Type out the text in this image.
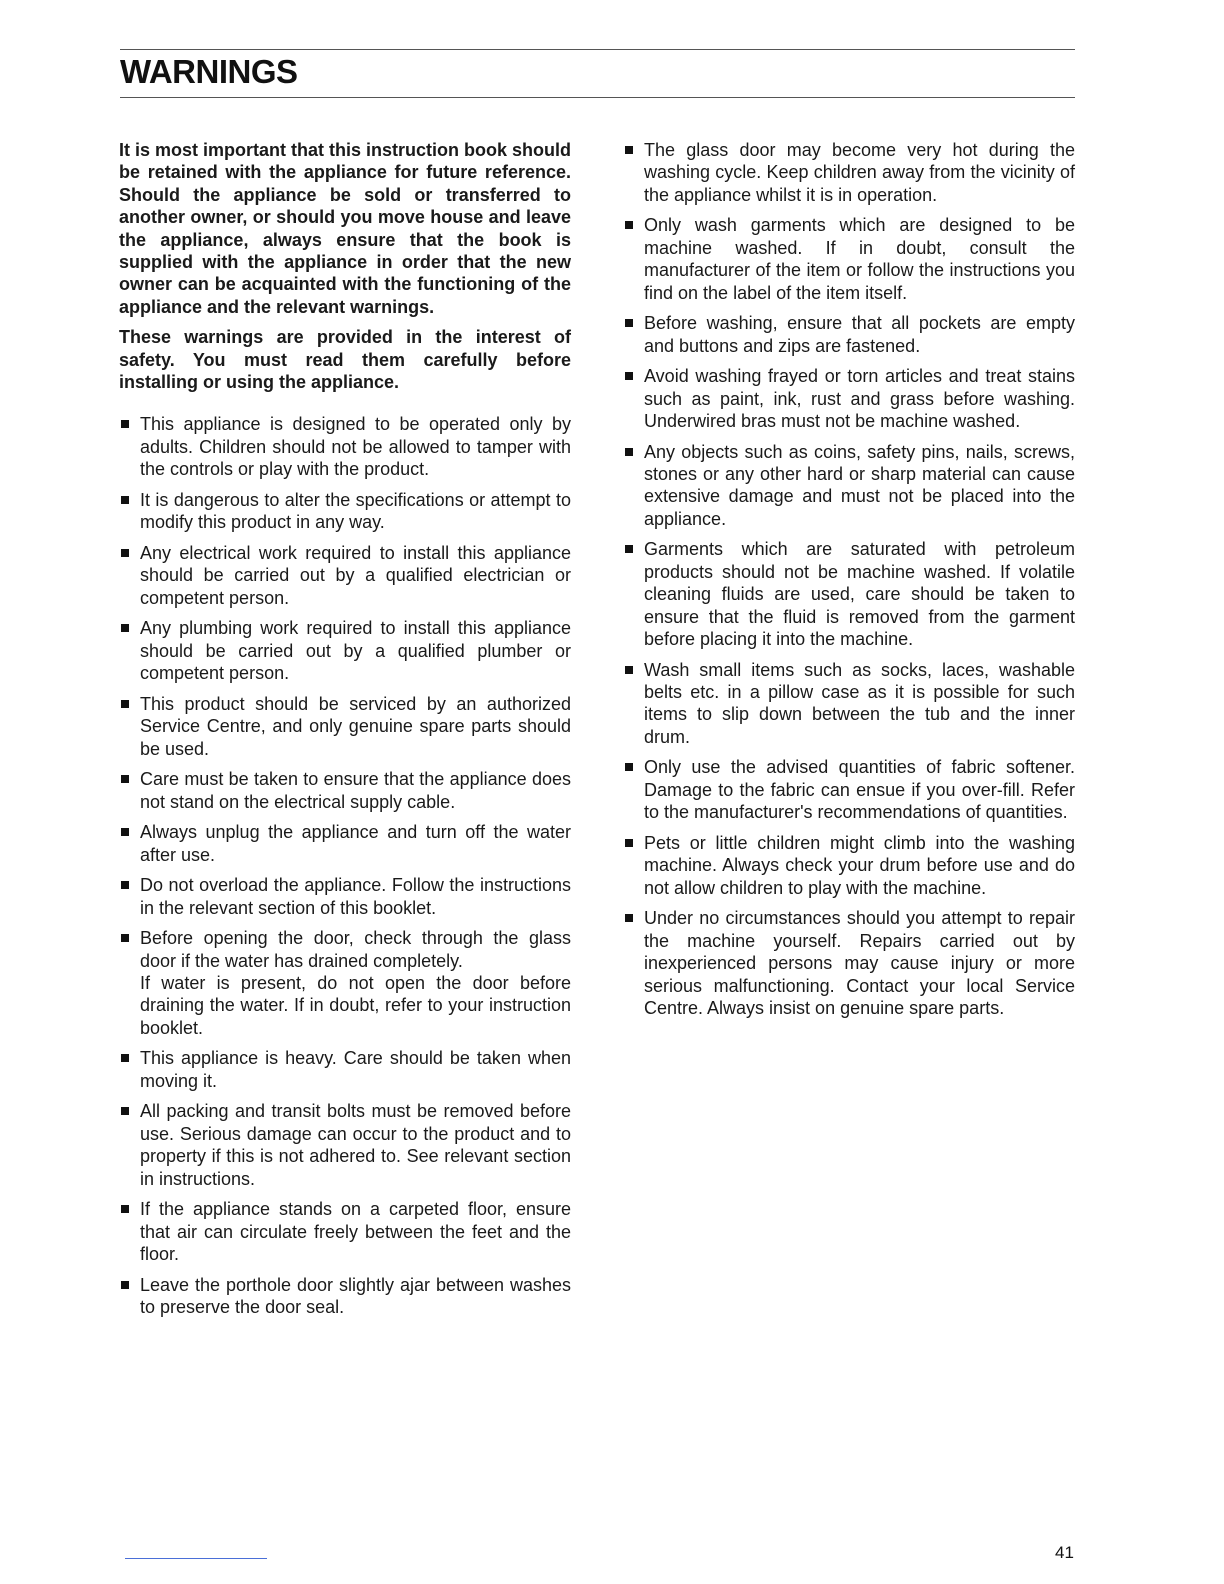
WARNINGS

It is most important that this instruction book should be retained with the appliance for future reference. Should the appliance be sold or transferred to another owner, or should you move house and leave the appliance, always ensure that the book is supplied with the appliance in order that the new owner can be acquainted with the functioning of the appliance and the relevant warnings.

These warnings are provided in the interest of safety. You must read them carefully before installing or using the appliance.

This appliance is designed to be operated only by adults. Children should not be allowed to tamper with the controls or play with the product.
It is dangerous to alter the specifications or attempt to modify this product in any way.
Any electrical work required to install this appliance should be carried out by a qualified electrician or competent person.
Any plumbing work required to install this appliance should be carried out by a qualified plumber or competent person.
This product should be serviced by an authorized Service Centre, and only genuine spare parts should be used.
Care must be taken to ensure that the appliance does not stand on the electrical supply cable.
Always unplug the appliance and turn off the water after use.
Do not overload the appliance. Follow the instructions in the relevant section of this booklet.
Before opening the door, check through the glass door if the water has drained completely.
If water is present, do not open the door before draining the water. If in doubt, refer to your instruction booklet.
This appliance is heavy. Care should be taken when moving it.
All packing and transit bolts must be removed before use. Serious damage can occur to the product and to property if this is not adhered to. See relevant section in instructions.
If the appliance stands on a carpeted floor, ensure that air can circulate freely between the feet and the floor.
Leave the porthole door slightly ajar between washes to preserve the door seal.
The glass door may become very hot during the washing cycle. Keep children away from the vicinity of the appliance whilst it is in operation.
Only wash garments which are designed to be machine washed. If in doubt, consult the manufacturer of the item or follow the instructions you find on the label of the item itself.
Before washing, ensure that all pockets are empty and buttons and zips are fastened.
Avoid washing frayed or torn articles and treat stains such as paint, ink, rust and grass before washing. Underwired bras must not be machine washed.
Any objects such as coins, safety pins, nails, screws, stones or any other hard or sharp material can cause extensive damage and must not be placed into the appliance.
Garments which are saturated with petroleum products should not be machine washed. If volatile cleaning fluids are used, care should be taken to ensure that the fluid is removed from the garment before placing it into the machine.
Wash small items such as socks, laces, washable belts etc. in a pillow case as it is possible for such items to slip down between the tub and the inner drum.
Only use the advised quantities of fabric softener. Damage to the fabric can ensue if you over-fill. Refer to the manufacturer's recommendations of quantities.
Pets or little children might climb into the washing machine. Always check your drum before use and do not allow children to play with the machine.
Under no circumstances should you attempt to repair the machine yourself. Repairs carried out by inexperienced persons may cause injury or more serious malfunctioning. Contact your local Service Centre. Always insist on genuine spare parts.
41
